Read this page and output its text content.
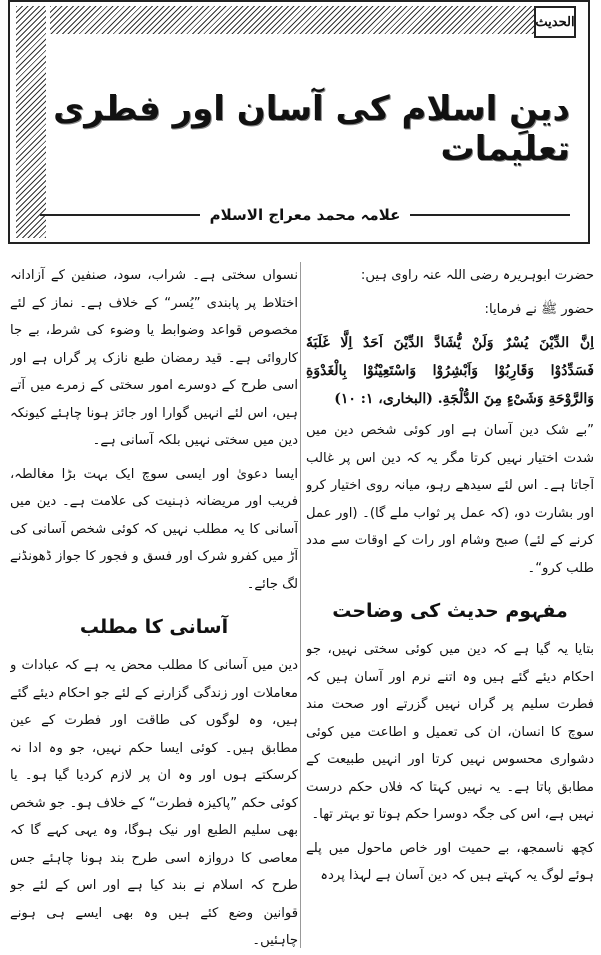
الحديث
دینِ اسلام کی آسان اور فطری تعلیمات
علامہ محمد معراج الاسلام

حضرت ابوہریرہ رضی اللہ عنہ راوی ہیں:

حضور ﷺ نے فرمایا:

اِنَّ الدِّیْنَ یُسْرٌ وَلَنْ یُّشَادَّ الدِّیْنَ اَحَدٌ اِلَّا غَلَبَهٗ فَسَدِّدُوْا وَقَارِبُوْا وَاَبْشِرُوْا وَاسْتَعِیْنُوْا بِالْغَدْوَةِ وَالرَّوْحَةِ وَشَیْءٍ مِنَ الدُّلْجَةِ. (البخاری، ۱: ۱۰)

”بے شک دین آسان ہے اور کوئی شخص دین میں شدت اختیار نہیں کرتا مگر یہ کہ دین اس پر غالب آجاتا ہے۔ اس لئے سیدھے رہو، میانہ روی اختیار کرو اور بشارت دو، (کہ عمل پر ثواب ملے گا)۔ (اور عمل کرنے کے لئے) صبح وشام اور رات کے اوقات سے مدد طلب کرو“۔

مفہوم حدیث کی وضاحت

بتایا یہ گیا ہے کہ دین میں کوئی سختی نہیں، جو احکام دیئے گئے ہیں وہ اتنے نرم اور آسان ہیں کہ فطرت سلیم پر گراں نہیں گزرتے اور صحت مند سوچ کا انسان، ان کی تعمیل و اطاعت میں کوئی دشواری محسوس نہیں کرتا اور انہیں طبیعت کے مطابق پاتا ہے۔ یہ نہیں کہتا کہ فلاں حکم درست نہیں ہے، اس کی جگہ دوسرا حکم ہوتا تو بہتر تھا۔

کچھ ناسمجھ، بے حمیت اور خاص ماحول میں پلے ہوئے لوگ یہ کہتے ہیں کہ دین آسان ہے لہذا پردہ

نسواں سختی ہے۔ شراب، سود، صنفین کے آزادانہ اختلاط پر پابندی ”یُسر“ کے خلاف ہے۔ نماز کے لئے مخصوص قواعد وضوابط یا وضوء کی شرط، بے جا کاروائی ہے۔ قید رمضان طبع نازک پر گراں ہے اور اسی طرح کے دوسرے امور سختی کے زمرے میں آتے ہیں، اس لئے انہیں گوارا اور جائز ہونا چاہئے کیونکہ دین میں سختی نہیں بلکہ آسانی ہے۔

ایسا دعویٰ اور ایسی سوچ ایک بہت بڑا مغالطہ، فریب اور مریضانہ ذہنیت کی علامت ہے۔ دین میں آسانی کا یہ مطلب نہیں کہ کوئی شخص آسانی کی آڑ میں کفرو شرک اور فسق و فجور کا جواز ڈھونڈنے لگ جائے۔

آسانی کا مطلب

دین میں آسانی کا مطلب محض یہ ہے کہ عبادات و معاملات اور زندگی گزارنے کے لئے جو احکام دیئے گئے ہیں، وہ لوگوں کی طاقت اور فطرت کے عین مطابق ہیں۔ کوئی ایسا حکم نہیں، جو وہ ادا نہ کرسکتے ہوں اور وہ ان پر لازم کردیا گیا ہو۔ یا کوئی حکم ”پاکیزہ فطرت“ کے خلاف ہو۔ جو شخص بھی سلیم الطبع اور نیک ہوگا، وہ یہی کہے گا کہ معاصی کا دروازہ اسی طرح بند ہونا چاہئے جس طرح کہ اسلام نے بند کیا ہے اور اس کے لئے جو قوانین وضع کئے ہیں وہ بھی ایسے ہی ہونے چاہئیں۔
